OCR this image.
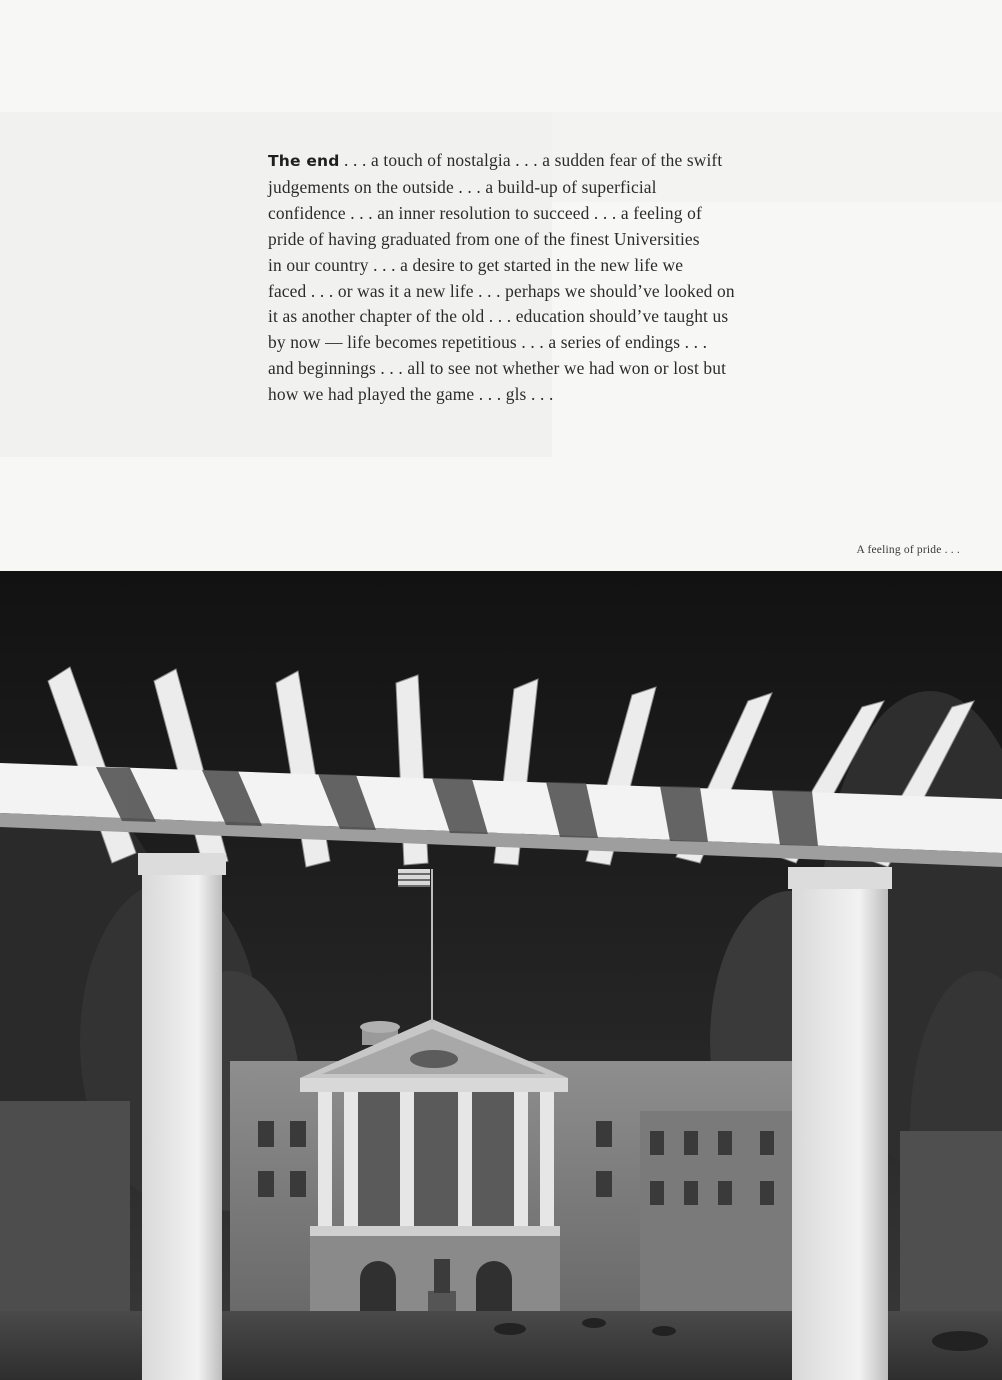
The end . . . a touch of nostalgia . . . a sudden fear of the swift
judgements on the outside . . . a build-up of superficial
confidence . . . an inner resolution to succeed . . . a feeling of
pride of having graduated from one of the finest Universities
in our country . . . a desire to get started in the new life we
faced . . . or was it a new life . . . perhaps we should’ve looked on
it as another chapter of the old . . . education should’ve taught us
by now — life becomes repetitious . . . a series of endings . . .
and beginnings . . . all to see not whether we had won or lost but
how we had played the game . . . gls . . .
A feeling of pride . . .
